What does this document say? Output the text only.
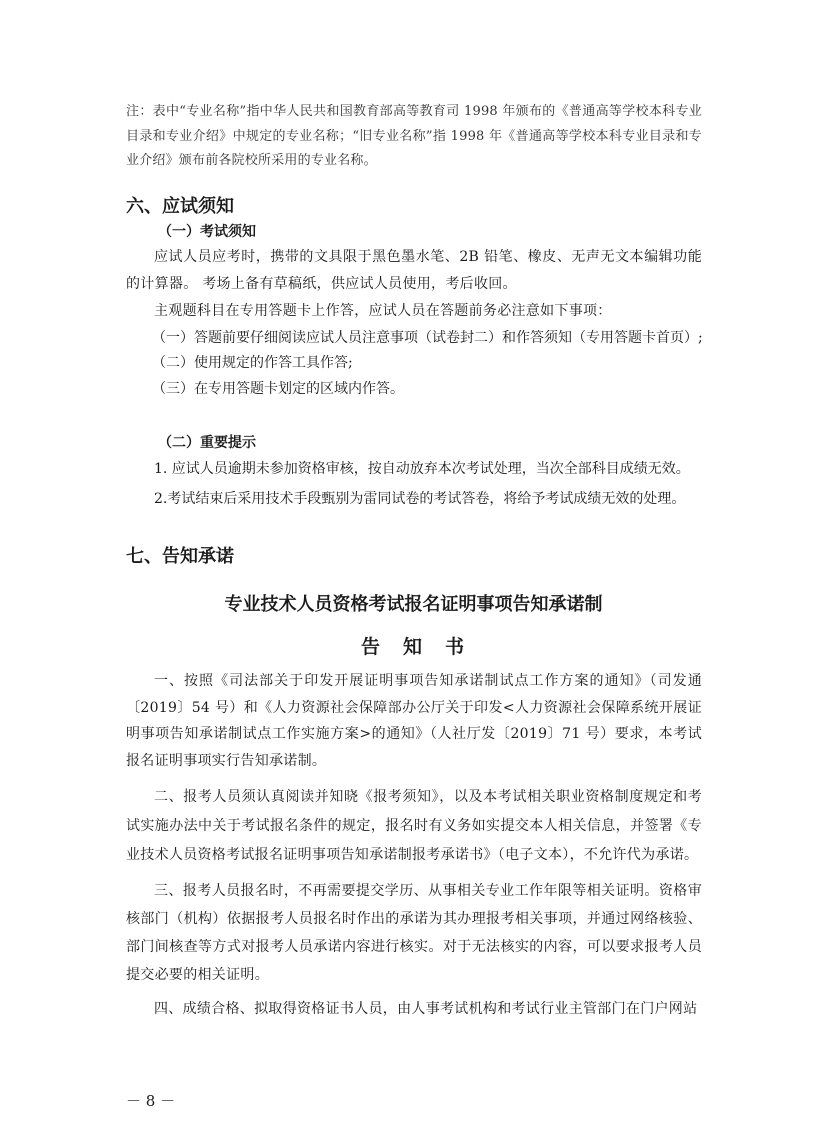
注：表中“专业名称”指中华人民共和国教育部高等教育司 1998 年颁布的《普通高等学校本科专业目录和专业介绍》中规定的专业名称；“旧专业名称”指 1998 年《普通高等学校本科专业目录和专业介绍》颁布前各院校所采用的专业名称。
六、应试须知
（一）考试须知

应试人员应考时，携带的文具限于黑色墨水笔、2B 铅笔、橡皮、无声无文本编辑功能的计算器。 考场上备有草稿纸，供应试人员使用，考后收回。

主观题科目在专用答题卡上作答，应试人员在答题前务必注意如下事项：

（一）答题前要仔细阅读应试人员注意事项（试卷封二）和作答须知（专用答题卡首页）;
（二）使用规定的作答工具作答;
（三）在专用答题卡划定的区域内作答。
（二）重要提示
1. 应试人员逾期未参加资格审核，按自动放弃本次考试处理，当次全部科目成绩无效。
2.考试结束后采用技术手段甄别为雷同试卷的考试答卷，将给予考试成绩无效的处理。
七、告知承诺
专业技术人员资格考试报名证明事项告知承诺制
告　知　书

一、按照《司法部关于印发开展证明事项告知承诺制试点工作方案的通知》（司发通〔2019〕54 号）和《人力资源社会保障部办公厅关于印发<人力资源社会保障系统开展证明事项告知承诺制试点工作实施方案>的通知》（人社厅发〔2019〕71 号）要求，本考试报名证明事项实行告知承诺制。

二、报考人员须认真阅读并知晓《报考须知》，以及本考试相关职业资格制度规定和考试实施办法中关于考试报名条件的规定，报名时有义务如实提交本人相关信息，并签署《专业技术人员资格考试报名证明事项告知承诺制报考承诺书》（电子文本），不允许代为承诺。

三、报考人员报名时，不再需要提交学历、从事相关专业工作年限等相关证明。资格审核部门（机构）依据报考人员报名时作出的承诺为其办理报考相关事项，并通过网络核验、部门间核查等方式对报考人员承诺内容进行核实。对于无法核实的内容，可以要求报考人员提交必要的相关证明。

四、成绩合格、拟取得资格证书人员，由人事考试机构和考试行业主管部门在门户网站

－ 8 －
